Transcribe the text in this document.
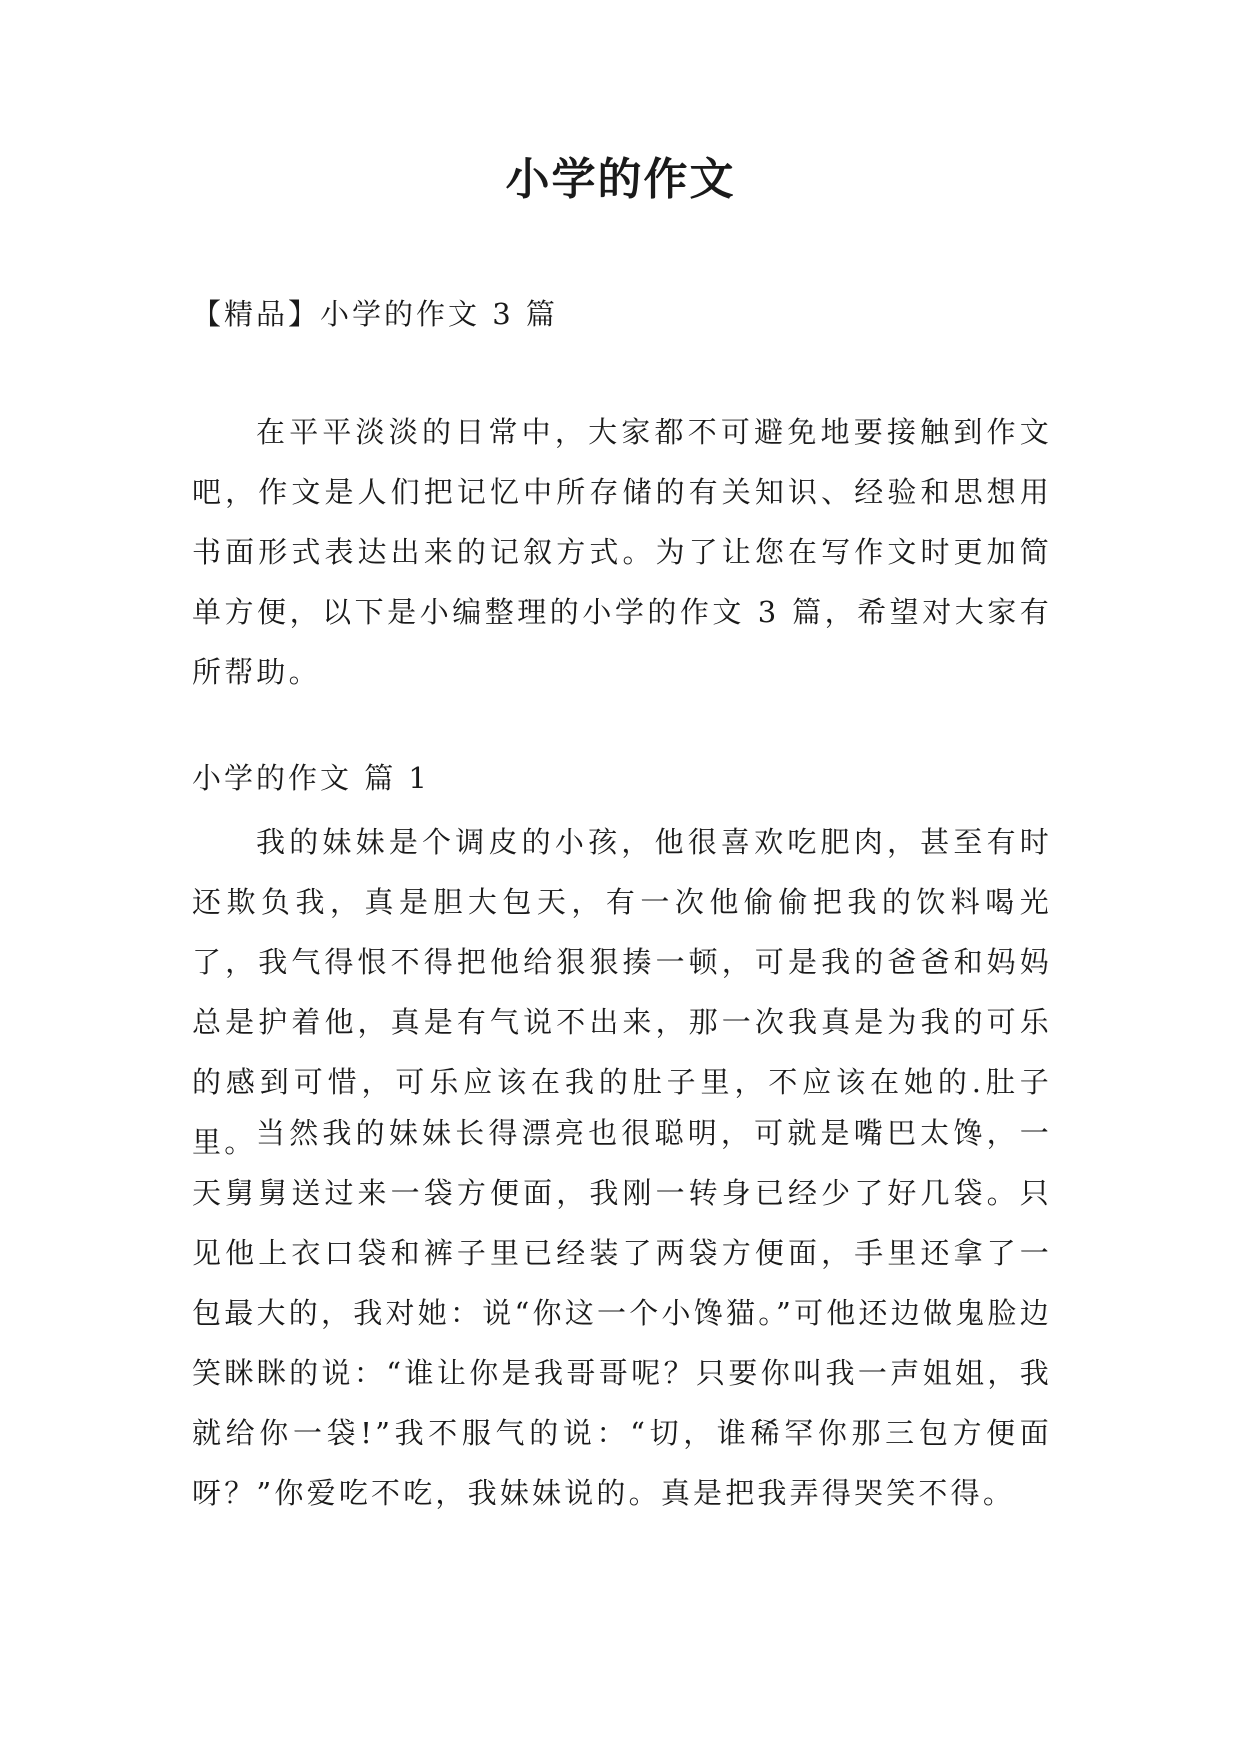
小学的作文
【精品】小学的作文 3 篇

在平平淡淡的日常中，大家都不可避免地要接触到作文吧，作文是人们把记忆中所存储的有关知识、经验和思想用书面形式表达出来的记叙方式。为了让您在写作文时更加简单方便，以下是小编整理的小学的作文 3 篇，希望对大家有所帮助。

小学的作文 篇 1

我的妹妹是个调皮的小孩，他很喜欢吃肥肉，甚至有时还欺负我，真是胆大包天，有一次他偷偷把我的饮料喝光了，我气得恨不得把他给狠狠揍一顿，可是我的爸爸和妈妈总是护着他，真是有气说不出来，那一次我真是为我的可乐的感到可惜，可乐应该在我的肚子里，不应该在她的.肚子里。 当然我的妹妹长得漂亮也很聪明，可就是嘴巴太馋，一天舅舅送过来一袋方便面，我刚一转身已经少了好几袋。只见他上衣口袋和裤子里已经装了两袋方便面，手里还拿了一包最大的，我对她：说“你这一个小馋猫。”可他还边做鬼脸边笑眯眯的说：“谁让你是我哥哥呢？只要你叫我一声姐姐，我就给你一袋!”我不服气的说：“切，谁稀罕你那三包方便面呀？”你爱吃不吃，我妹妹说的。真是把我弄得哭笑不得。
